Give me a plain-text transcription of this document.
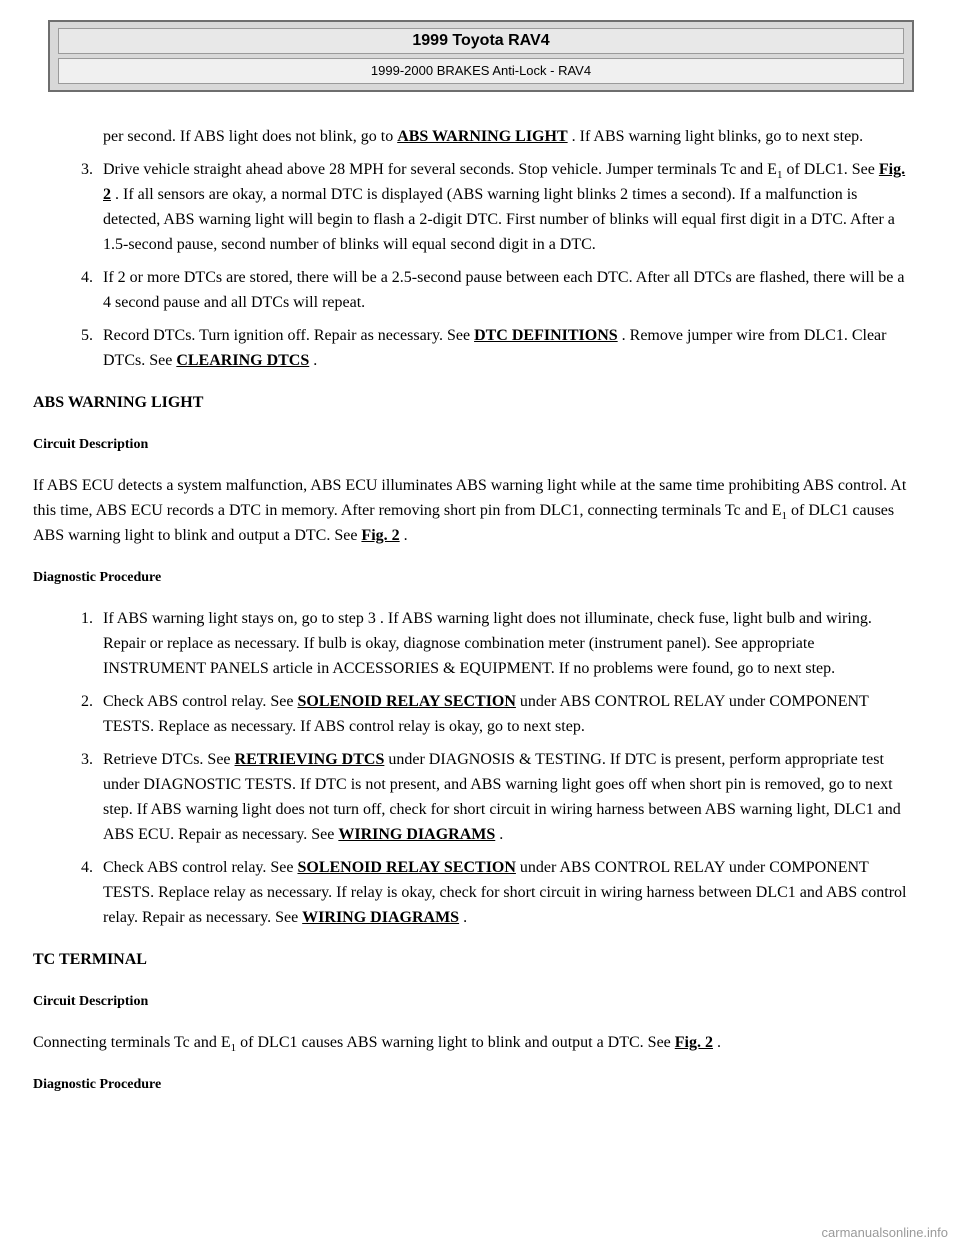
1999 Toyota RAV4
1999-2000 BRAKES Anti-Lock - RAV4
per second. If ABS light does not blink, go to ABS WARNING LIGHT . If ABS warning light blinks, go to next step.
3. Drive vehicle straight ahead above 28 MPH for several seconds. Stop vehicle. Jumper terminals Tc and $E_1$ of DLC1. See Fig. 2 . If all sensors are okay, a normal DTC is displayed (ABS warning light blinks 2 times a second). If a malfunction is detected, ABS warning light will begin to flash a 2-digit DTC. First number of blinks will equal first digit in a DTC. After a 1.5-second pause, second number of blinks will equal second digit in a DTC.
4. If 2 or more DTCs are stored, there will be a 2.5-second pause between each DTC. After all DTCs are flashed, there will be a 4 second pause and all DTCs will repeat.
5. Record DTCs. Turn ignition off. Repair as necessary. See DTC DEFINITIONS . Remove jumper wire from DLC1. Clear DTCs. See CLEARING DTCS .
ABS WARNING LIGHT
Circuit Description

If ABS ECU detects a system malfunction, ABS ECU illuminates ABS warning light while at the same time prohibiting ABS control. At this time, ABS ECU records a DTC in memory. After removing short pin from DLC1, connecting terminals Tc and $E_1$ of DLC1 causes ABS warning light to blink and output a DTC. See Fig. 2 .

Diagnostic Procedure
1. If ABS warning light stays on, go to step 3 . If ABS warning light does not illuminate, check fuse, light bulb and wiring. Repair or replace as necessary. If bulb is okay, diagnose combination meter (instrument panel). See appropriate INSTRUMENT PANELS article in ACCESSORIES & EQUIPMENT. If no problems were found, go to next step.
2. Check ABS control relay. See SOLENOID RELAY SECTION under ABS CONTROL RELAY under COMPONENT TESTS. Replace as necessary. If ABS control relay is okay, go to next step.
3. Retrieve DTCs. See RETRIEVING DTCS under DIAGNOSIS & TESTING. If DTC is present, perform appropriate test under DIAGNOSTIC TESTS. If DTC is not present, and ABS warning light goes off when short pin is removed, go to next step. If ABS warning light does not turn off, check for short circuit in wiring harness between ABS warning light, DLC1 and ABS ECU. Repair as necessary. See WIRING DIAGRAMS .
4. Check ABS control relay. See SOLENOID RELAY SECTION under ABS CONTROL RELAY under COMPONENT TESTS. Replace relay as necessary. If relay is okay, check for short circuit in wiring harness between DLC1 and ABS control relay. Repair as necessary. See WIRING DIAGRAMS .
TC TERMINAL
Circuit Description

Connecting terminals Tc and $E_1$ of DLC1 causes ABS warning light to blink and output a DTC. See Fig. 2 .

Diagnostic Procedure
carmanualsonline.info
